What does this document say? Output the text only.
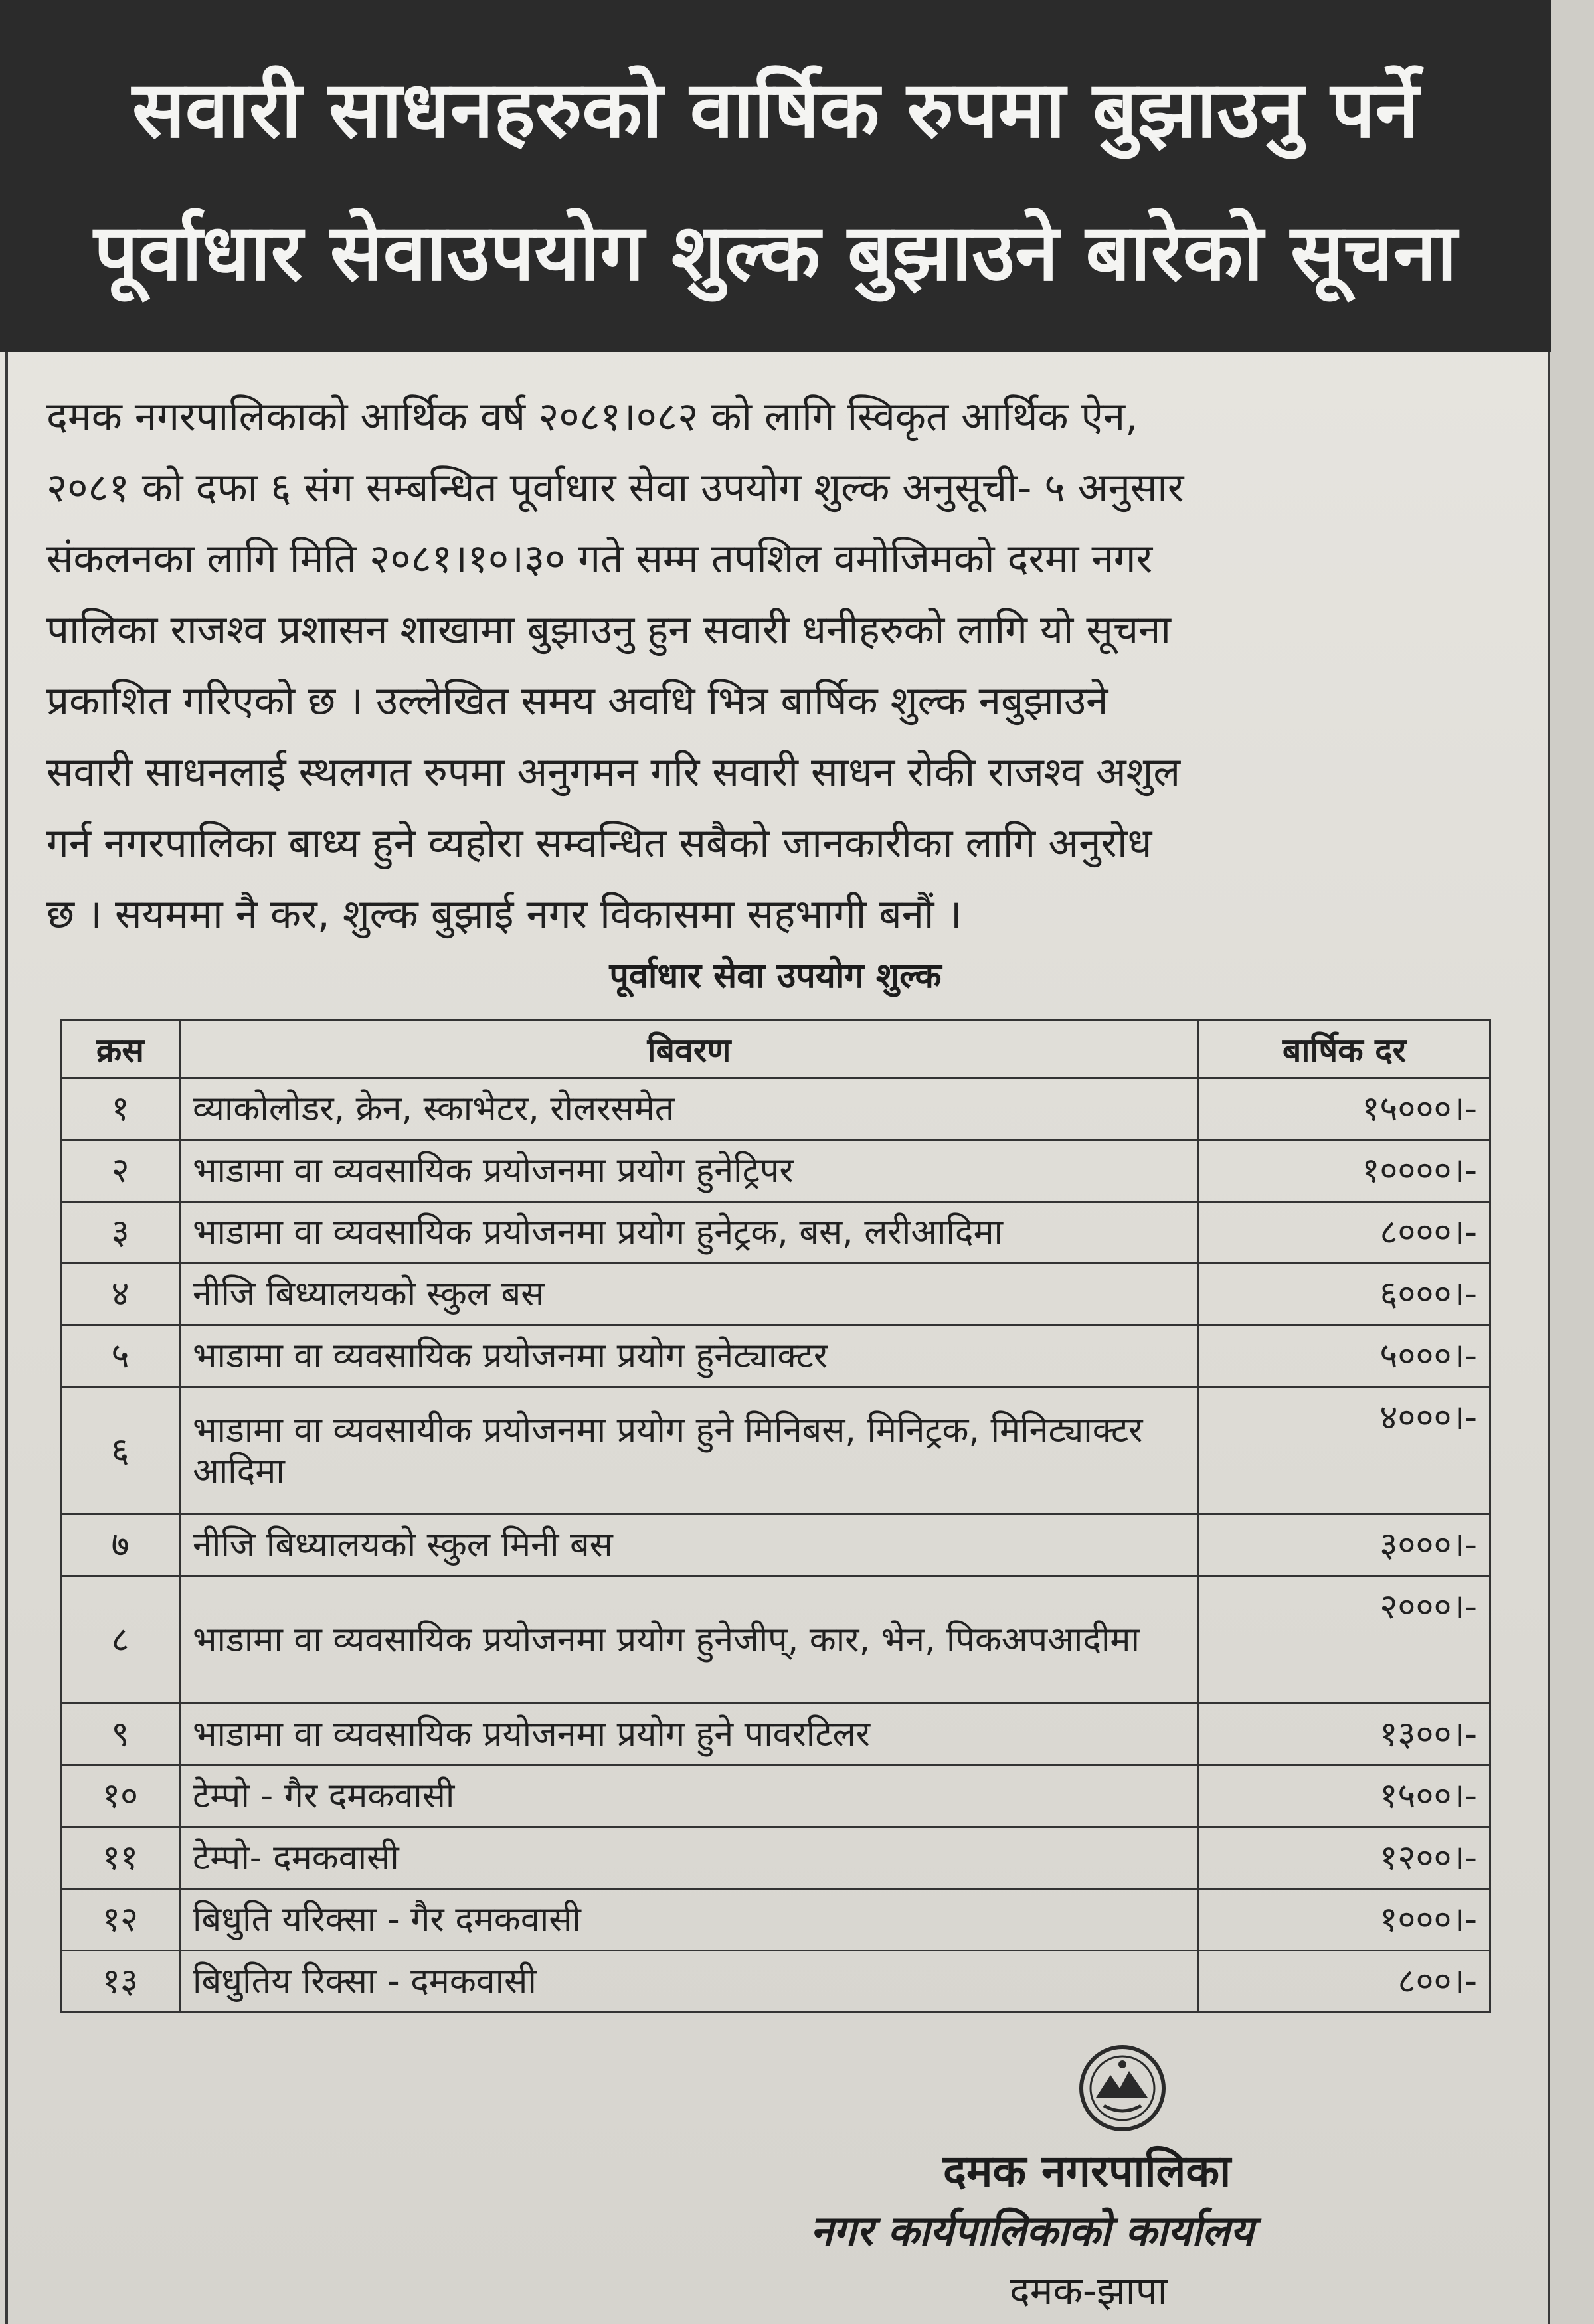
सवारी साधनहरुको वार्षिक रुपमा बुझाउनु पर्ने
पूर्वाधार सेवाउपयोग शुल्क बुझाउने बारेको सूचना
दमक नगरपालिकाको आर्थिक वर्ष २०८१।०८२ को लागि स्विकृत आर्थिक ऐन,
२०८१ को दफा ६ संग सम्बन्धित पूर्वाधार सेवा उपयोग शुल्क अनुसूची- ५ अनुसार
संकलनका लागि मिति २०८१।१०।३० गते सम्म तपशिल वमोजिमको दरमा नगर
पालिका राजश्व प्रशासन शाखामा बुझाउनु हुन सवारी धनीहरुको लागि यो सूचना
प्रकाशित गरिएको छ । उल्लेखित समय अवधि भित्र बार्षिक शुल्क नबुझाउने
सवारी साधनलाई स्थलगत रुपमा अनुगमन गरि सवारी साधन रोकी राजश्व अशुल
गर्न नगरपालिका बाध्य हुने व्यहोरा सम्वन्धित सबैको जानकारीका लागि अनुरोध
छ । सयममा नै कर, शुल्क बुझाई नगर विकासमा सहभागी बनौं ।
पूर्वाधार सेवा उपयोग शुल्क
क्रस	बिवरण	बार्षिक दर
१	व्याकोलोडर, क्रेन, स्काभेटर, रोलरसमेत	१५०००।-
२	भाडामा वा व्यवसायिक प्रयोजनमा प्रयोग हुनेट्रिपर	१००००।-
३	भाडामा वा व्यवसायिक प्रयोजनमा प्रयोग हुनेट्रक, बस, लरीआदिमा	८०००।-
४	नीजि बिध्यालयको स्कुल बस	६०००।-
५	भाडामा वा व्यवसायिक प्रयोजनमा प्रयोग हुनेट्याक्टर	५०००।-
६	भाडामा वा व्यवसायीक प्रयोजनमा प्रयोग हुने मिनिबस, मिनिट्रक, मिनिट्याक्टर आदिमा	४०००।-
७	नीजि बिध्यालयको स्कुल मिनी बस	३०००।-
८	भाडामा वा व्यवसायिक प्रयोजनमा प्रयोग हुनेजीप्, कार, भेन, पिकअपआदीमा	२०००।-
९	भाडामा वा व्यवसायिक प्रयोजनमा प्रयोग हुने पावरटिलर	१३००।-
१०	टेम्पो - गैर दमकवासी	१५००।-
११	टेम्पो- दमकवासी	१२००।-
१२	बिधुति यरिक्सा - गैर दमकवासी	१०००।-
१३	बिधुतिय रिक्सा - दमकवासी	८००।-
दमक नगरपालिका
नगर कार्यपालिकाको कार्यालय
दमक-झापा
